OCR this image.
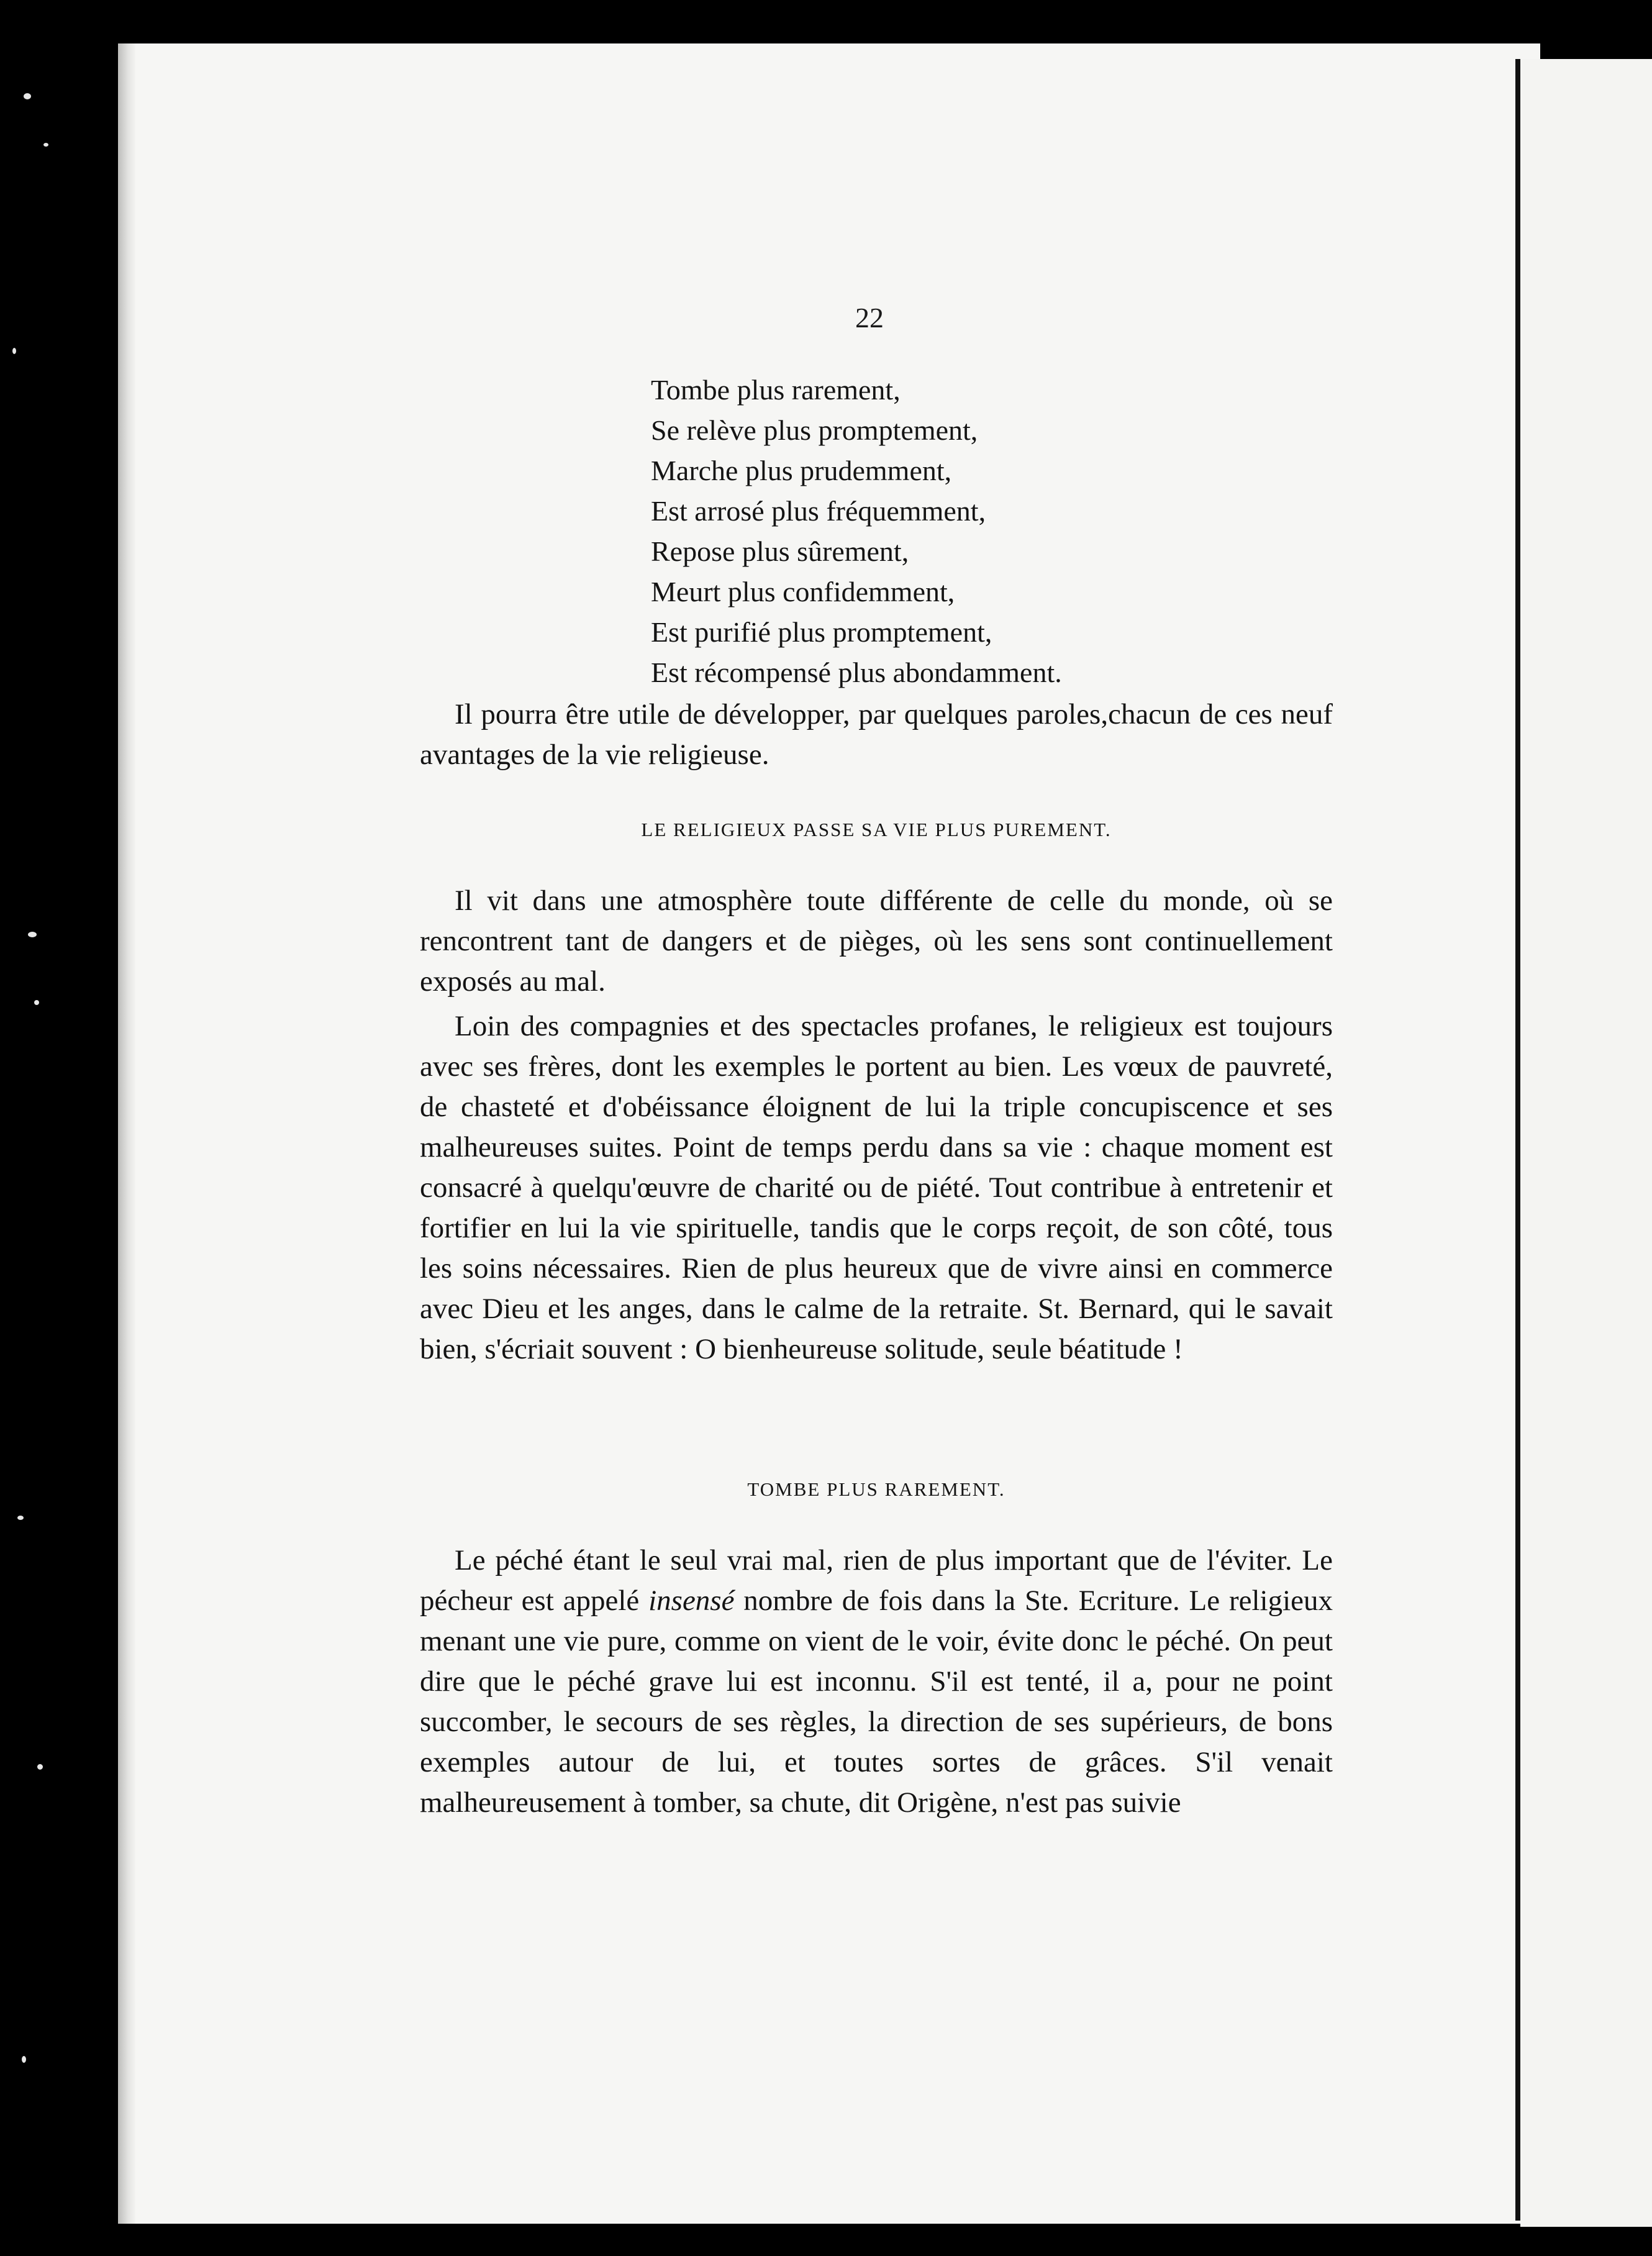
22
Tombe plus rarement,
Se relève plus promptement,
Marche plus prudemment,
Est arrosé plus fréquemment,
Repose plus sûrement,
Meurt plus confidemment,
Est purifié plus promptement,
Est récompensé plus abondamment.

Il pourra être utile de développer, par quelques paroles,chacun de ces neuf avantages de la vie religieuse.

LE RELIGIEUX PASSE SA VIE PLUS PUREMENT.

Il vit dans une atmosphère toute différente de celle du monde, où se rencontrent tant de dangers et de pièges, où les sens sont continuellement exposés au mal.

Loin des compagnies et des spectacles profanes, le religieux est toujours avec ses frères, dont les exemples le portent au bien. Les vœux de pauvreté, de chasteté et d'obéissance éloignent de lui la triple concupiscence et ses malheureuses suites. Point de temps perdu dans sa vie : chaque moment est consacré à quelqu'œuvre de charité ou de piété. Tout contribue à entretenir et fortifier en lui la vie spirituelle, tandis que le corps reçoit, de son côté, tous les soins nécessaires. Rien de plus heureux que de vivre ainsi en commerce avec Dieu et les anges, dans le calme de la retraite. St. Bernard, qui le savait bien, s'écriait souvent : O bienheureuse solitude, seule béatitude !

TOMBE PLUS RAREMENT.

Le péché étant le seul vrai mal, rien de plus important que de l'éviter. Le pécheur est appelé insensé nombre de fois dans la Ste. Ecriture. Le religieux menant une vie pure, comme on vient de le voir, évite donc le péché. On peut dire que le péché grave lui est inconnu. S'il est tenté, il a, pour ne point succomber, le secours de ses règles, la direction de ses supérieurs, de bons exemples autour de lui, et toutes sortes de grâces. S'il venait malheureusement à tomber, sa chute, dit Origène, n'est pas suivie
